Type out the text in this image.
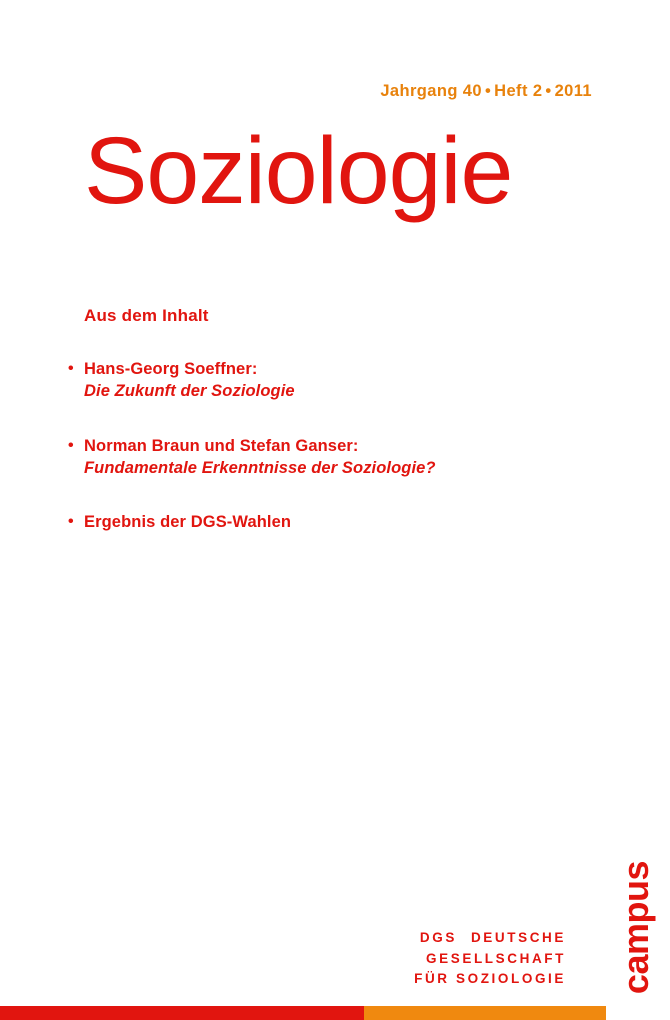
Jahrgang 40 • Heft 2 • 2011
Soziologie
Aus dem Inhalt
• Hans-Georg Soeffner:
Die Zukunft der Soziologie
• Norman Braun und Stefan Ganser:
Fundamentale Erkenntnisse der Soziologie?
• Ergebnis der DGS-Wahlen
DGS DEUTSCHE
GESELLSCHAFT
FÜR SOZIOLOGIE campus
